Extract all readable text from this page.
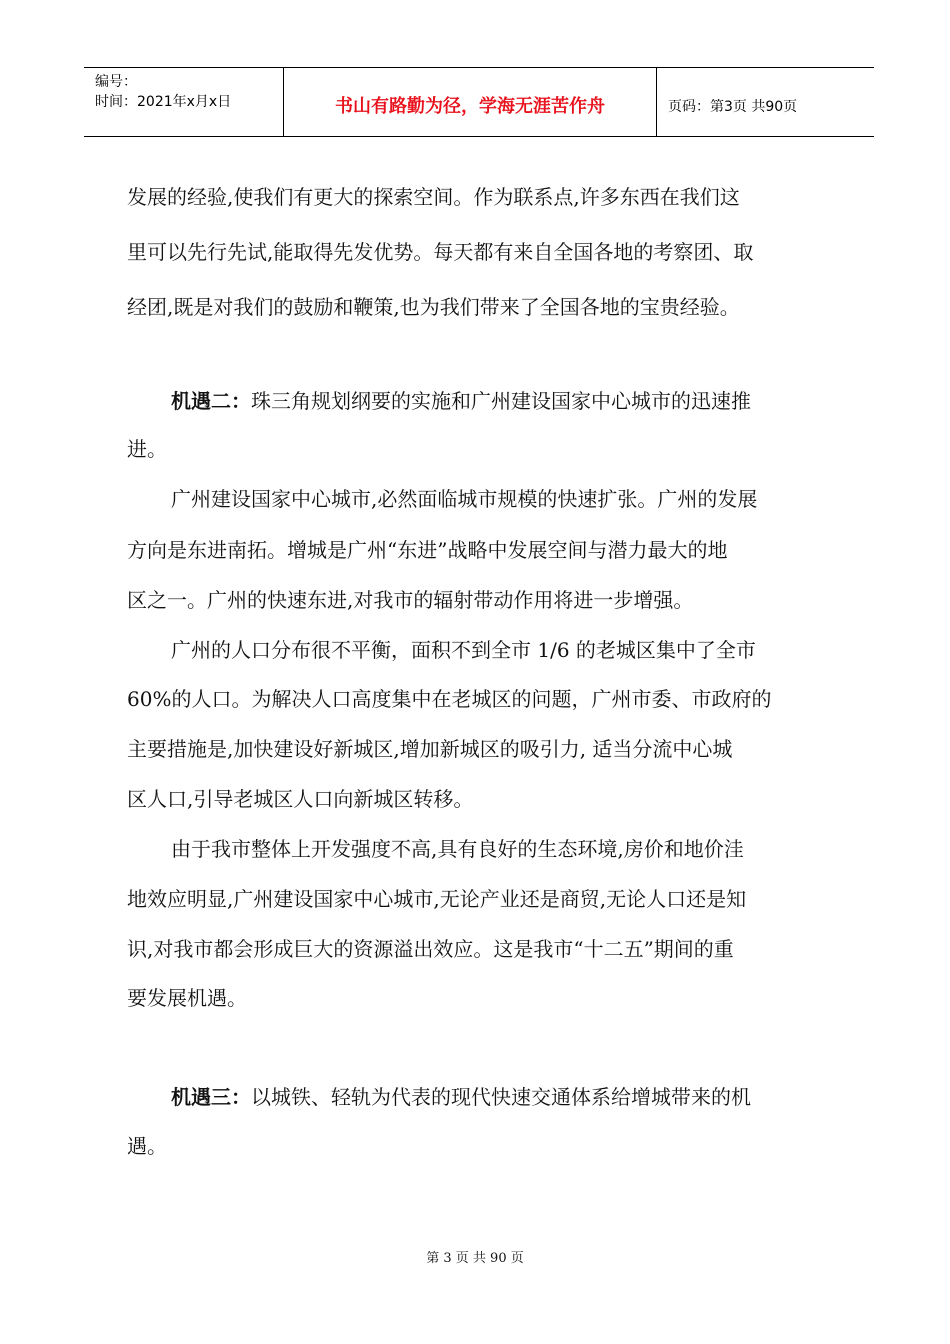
编号：
时间：2021年x月x日	书山有路勤为径，学海无涯苦作舟	页码：第3页 共90页
发展的经验,使我们有更大的探索空间。作为联系点,许多东西在我们这
里可以先行先试,能取得先发优势。每天都有来自全国各地的考察团、取
经团,既是对我们的鼓励和鞭策,也为我们带来了全国各地的宝贵经验。
机遇二：珠三角规划纲要的实施和广州建设国家中心城市的迅速推
进。
广州建设国家中心城市,必然面临城市规模的快速扩张。广州的发展
方向是东进南拓。增城是广州“东进”战略中发展空间与潜力最大的地
区之一。广州的快速东进,对我市的辐射带动作用将进一步增强。
广州的人口分布很不平衡，面积不到全市 1/6 的老城区集中了全市
60%的人口。为解决人口高度集中在老城区的问题，广州市委、市政府的
主要措施是,加快建设好新城区,增加新城区的吸引力, 适当分流中心城
区人口,引导老城区人口向新城区转移。
由于我市整体上开发强度不高,具有良好的生态环境,房价和地价洼
地效应明显,广州建设国家中心城市,无论产业还是商贸,无论人口还是知
识,对我市都会形成巨大的资源溢出效应。这是我市“十二五”期间的重
要发展机遇。
机遇三：以城铁、轻轨为代表的现代快速交通体系给增城带来的机
遇。
第 3 页 共 90 页
